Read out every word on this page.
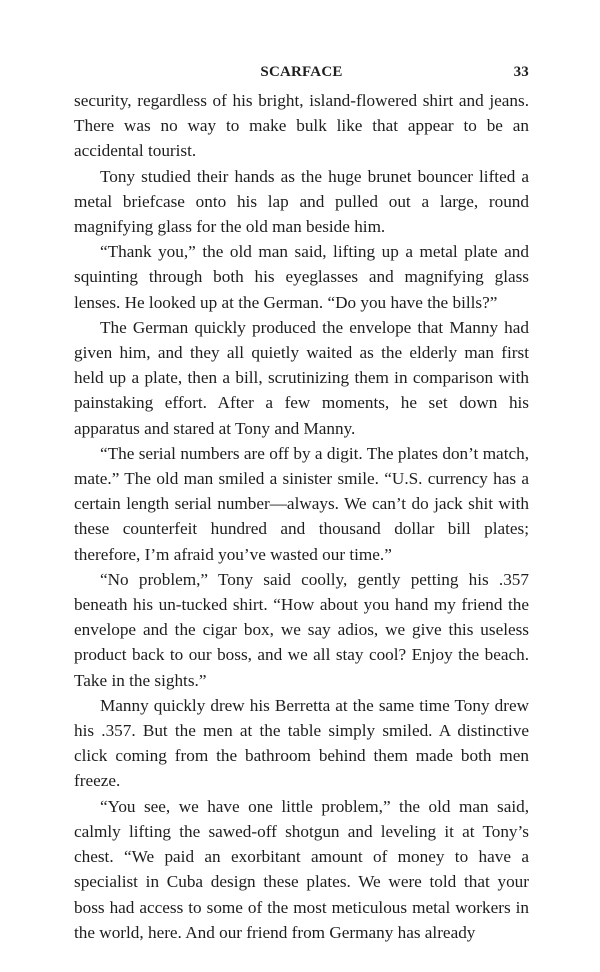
SCARFACE	33

security, regardless of his bright, island-flowered shirt and jeans. There was no way to make bulk like that appear to be an accidental tourist.

Tony studied their hands as the huge brunet bouncer lifted a metal briefcase onto his lap and pulled out a large, round magnifying glass for the old man beside him.

“Thank you,” the old man said, lifting up a metal plate and squinting through both his eyeglasses and magnifying glass lenses. He looked up at the German. “Do you have the bills?”

The German quickly produced the envelope that Manny had given him, and they all quietly waited as the elderly man first held up a plate, then a bill, scrutinizing them in comparison with painstaking effort. After a few moments, he set down his apparatus and stared at Tony and Manny.

“The serial numbers are off by a digit. The plates don’t match, mate.” The old man smiled a sinister smile. “U.S. currency has a certain length serial number—always. We can’t do jack shit with these counterfeit hundred and thousand dollar bill plates; therefore, I’m afraid you’ve wasted our time.”

“No problem,” Tony said coolly, gently petting his .357 beneath his un-tucked shirt. “How about you hand my friend the envelope and the cigar box, we say adios, we give this useless product back to our boss, and we all stay cool? Enjoy the beach. Take in the sights.”

Manny quickly drew his Berretta at the same time Tony drew his .357. But the men at the table simply smiled. A distinctive click coming from the bathroom behind them made both men freeze.

“You see, we have one little problem,” the old man said, calmly lifting the sawed-off shotgun and leveling it at Tony’s chest. “We paid an exorbitant amount of money to have a specialist in Cuba design these plates. We were told that your boss had access to some of the most meticulous metal workers in the world, here. And our friend from Germany has already
